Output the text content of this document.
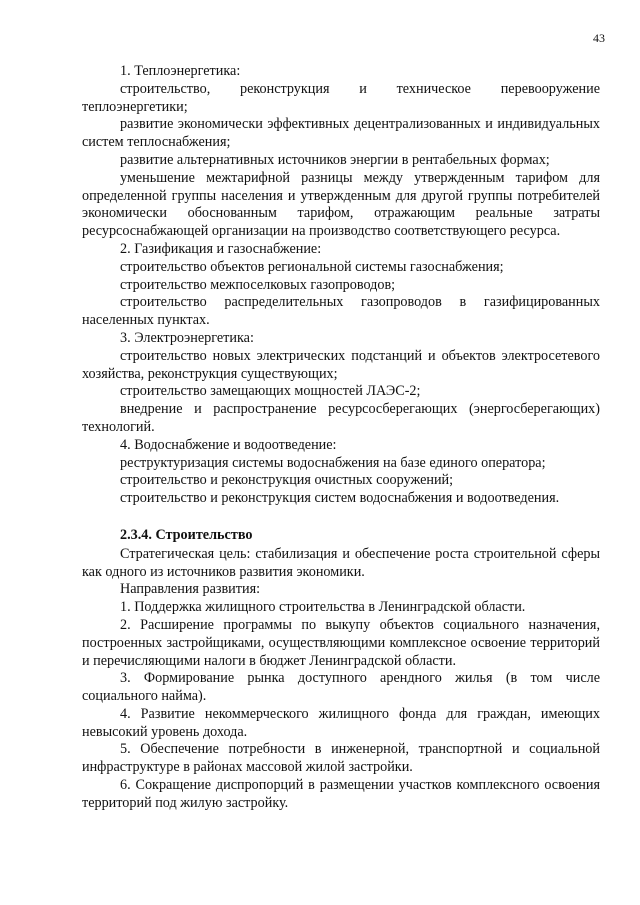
43

1. Теплоэнергетика:

строительство, реконструкция и техническое перевооружение теплоэнергетики;

развитие экономически эффективных децентрализованных и индивидуальных систем теплоснабжения;

развитие альтернативных источников энергии в рентабельных формах;

уменьшение межтарифной разницы между утвержденным тарифом для определенной группы населения и утвержденным для другой группы потребителей экономически обоснованным тарифом, отражающим реальные затраты ресурсоснабжающей организации на производство соответствующего ресурса.

2. Газификация и газоснабжение:

строительство объектов региональной системы газоснабжения;

строительство межпоселковых газопроводов;

строительство распределительных газопроводов в газифицированных населенных пунктах.

3. Электроэнергетика:

строительство новых электрических подстанций и объектов электросетевого хозяйства, реконструкция существующих;

строительство замещающих мощностей ЛАЭС-2;

внедрение и распространение ресурсосберегающих (энергосберегающих) технологий.

4. Водоснабжение и водоотведение:

реструктуризация системы водоснабжения на базе единого оператора;

строительство и реконструкция очистных сооружений;

строительство и реконструкция систем водоснабжения и водоотведения.

2.3.4. Строительство

Стратегическая цель: стабилизация и обеспечение роста строительной сферы как одного из источников развития экономики.

Направления развития:

1. Поддержка жилищного строительства в Ленинградской области.

2. Расширение программы по выкупу объектов социального назначения, построенных застройщиками, осуществляющими комплексное освоение территорий и перечисляющими налоги в бюджет Ленинградской области.

3. Формирование рынка доступного арендного жилья (в том числе социального найма).

4. Развитие некоммерческого жилищного фонда для граждан, имеющих невысокий уровень дохода.

5. Обеспечение потребности в инженерной, транспортной и социальной инфраструктуре в районах массовой жилой застройки.

6. Сокращение диспропорций в размещении участков комплексного освоения территорий под жилую застройку.
